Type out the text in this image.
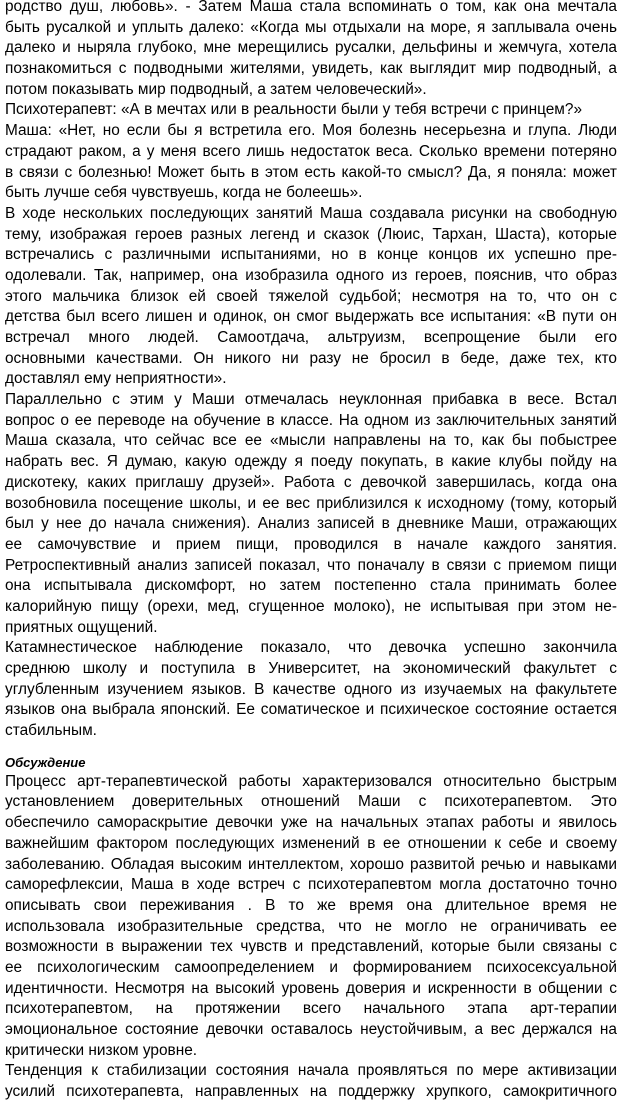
родство душ, любовь». - Затем Маша стала вспоминать о том, как она мечтала
быть русалкой и уплыть далеко: «Когда мы отдыхали на море, я заплывала очень
далеко и ныряла глубоко, мне мерещились русалки, дельфины и жемчуга, хотела
познакомиться с подводными жителями, увидеть, как выглядит мир подводный, а
потом показывать мир подводный, а затем человеческий».
Психотерапевт: «А в мечтах или в реальности были у тебя встречи с принцем?»
Маша: «Нет, но если бы я встретила его. Моя болезнь несерьезна и глупа. Люди
страдают раком, а у меня всего лишь недостаток веса. Сколько времени потеряно
в связи с болезнью! Может быть в этом есть какой-то смысл? Да, я поняла: может
быть лучше себя чувствуешь, когда не болеешь».
В ходе нескольких последующих занятий Маша создавала рисунки на свободную
тему, изображая героев разных легенд и сказок (Люис, Тархан, Шаста), которые
встречались с различными испытаниями, но в конце концов их успешно пре-
одолевали. Так, например, она изобразила одного из героев, пояснив, что образ
этого мальчика близок ей своей тяжелой судьбой; несмотря на то, что он с
детства был всего лишен и одинок, он смог выдержать все испытания: «В пути он
встречал много людей. Самоотдача, альтруизм, всепрощение были его
основными качествами. Он никого ни разу не бросил в беде, даже тех, кто
доставлял ему неприятности».
Параллельно с этим у Маши отмечалась неуклонная прибавка в весе. Встал
вопрос о ее переводе на обучение в классе. На одном из заключительных занятий
Маша сказала, что сейчас все ее «мысли направлены на то, как бы побыстрее
набрать вес. Я думаю, какую одежду я поеду покупать, в какие клубы пойду на
дискотеку, каких приглашу друзей». Работа с девочкой завершилась, когда она
возобновила посещение школы, и ее вес приблизился к исходному (тому, который
был у нее до начала снижения). Анализ записей в дневнике Маши, отражающих
ее самочувствие и прием пищи, проводился в начале каждого занятия.
Ретроспективный анализ записей показал, что поначалу в связи с приемом пищи
она испытывала дискомфорт, но затем постепенно стала принимать более
калорийную пищу (орехи, мед, сгущенное молоко), не испытывая при этом не-
приятных ощущений.
Катамнестическое наблюдение показало, что девочка успешно закончила
среднюю школу и поступила в Университет, на экономический факультет с
углубленным изучением языков. В качестве одного из изучаемых на факультете
языков она выбрала японский. Ее соматическое и психическое состояние остается
стабильным.
Обсуждение
Процесс арт-терапевтической работы характеризовался относительно быстрым
установлением доверительных отношений Маши с психотерапевтом. Это
обеспечило самораскрытие девочки уже на начальных этапах работы и явилось
важнейшим фактором последующих изменений в ее отношении к себе и своему
заболеванию. Обладая высоким интеллектом, хорошо развитой речью и навыками
саморефлексии, Маша в ходе встреч с психотерапевтом могла достаточно точно
описывать свои переживания . В то же время она длительное время не
использовала изобразительные средства, что не могло не ограничивать ее
возможности в выражении тех чувств и представлений, которые были связаны с
ее психологическим самоопределением и формированием психосексуальной
идентичности. Несмотря на высокий уровень доверия и искренности в общении с
психотерапевтом, на протяжении всего начального этапа арт-терапии
эмоциональное состояние девочки оставалось неустойчивым, а вес держался на
критически низком уровне.
Тенденция к стабилизации состояния начала проявляться по мере активизации
усилий психотерапевта, направленных на поддержку хрупкого, самокритичного
